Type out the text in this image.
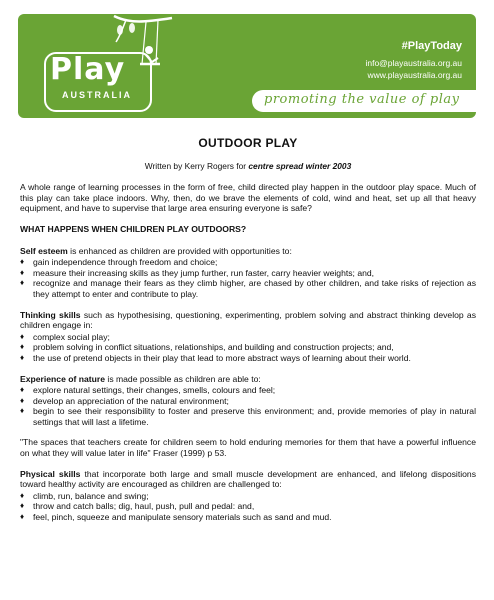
Play
AUSTRALIA
#PlayToday
info@playaustralia.org.au
www.playaustralia.org.au
promoting the value of play
OUTDOOR PLAY
Written by Kerry Rogers for centre spread winter 2003

A whole range of learning processes in the form of free, child directed play happen in the outdoor play space. Much of this play can take place indoors. Why, then, do we brave the elements of cold, wind and heat, set up all that heavy equipment, and have to supervise that large area ensuring everyone is safe?

WHAT HAPPENS WHEN CHILDREN PLAY OUTDOORS?
Self esteem is enhanced as children are provided with opportunities to:
♦ gain independence through freedom and choice;
♦ measure their increasing skills as they jump further, run faster, carry heavier weights; and,
♦ recognize and manage their fears as they climb higher, are chased by other children, and take risks of rejection as they attempt to enter and contribute to play.
Thinking skills such as hypothesising, questioning, experimenting, problem solving and abstract thinking develop as children engage in:
♦ complex social play;
♦ problem solving in conflict situations, relationships, and building and construction projects; and,
♦ the use of pretend objects in their play that lead to more abstract ways of learning about their world.
Experience of nature is made possible as children are able to:
♦ explore natural settings, their changes, smells, colours and feel;
♦ develop an appreciation of the natural environment;
♦ begin to see their responsibility to foster and preserve this environment; and, provide memories of play in natural settings that will last a lifetime.

"The spaces that teachers create for children seem to hold enduring memories for them that have a powerful influence on what they will value later in life" Fraser (1999) p 53.

Physical skills that incorporate both large and small muscle development are enhanced, and lifelong dispositions toward healthy activity are encouraged as children are challenged to:
♦ climb, run, balance and swing;
♦ throw and catch balls; dig, haul, push, pull and pedal: and,
♦ feel, pinch, squeeze and manipulate sensory materials such as sand and mud.
